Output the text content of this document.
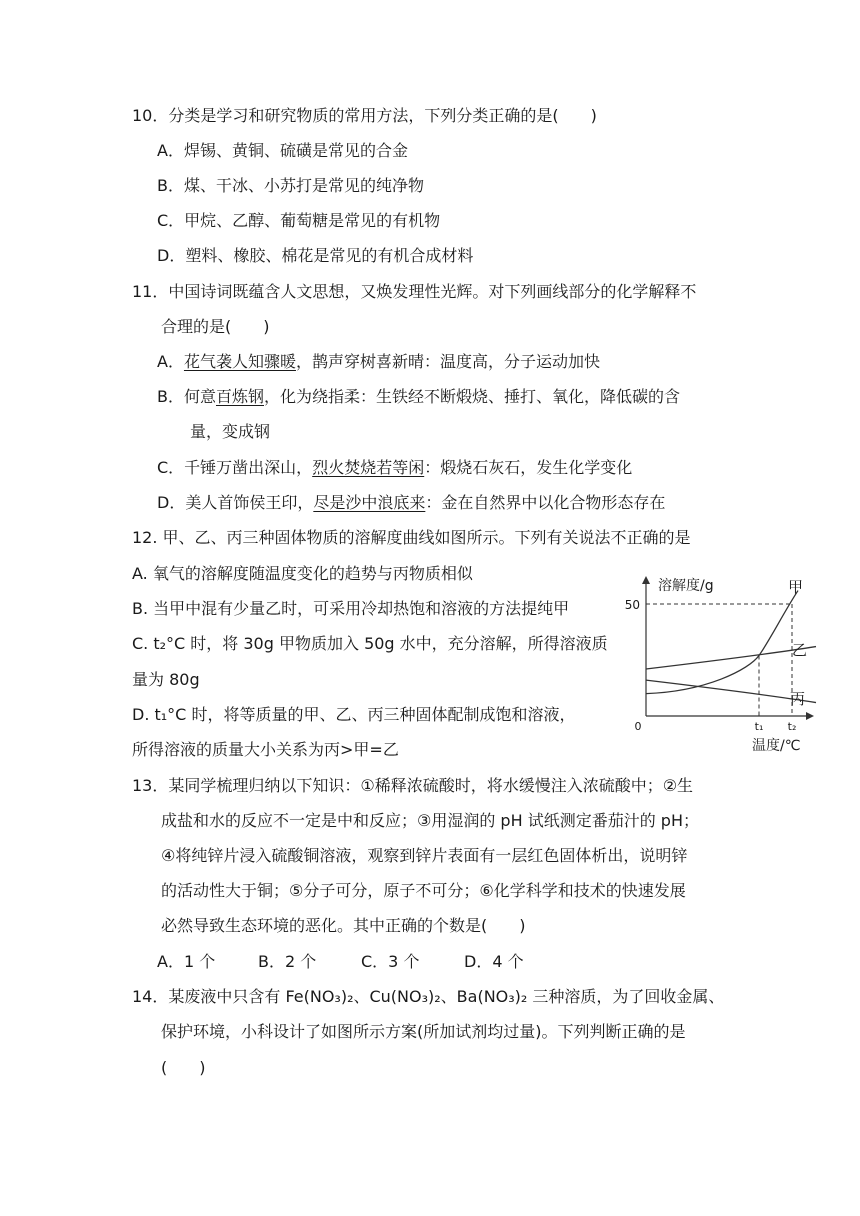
10．分类是学习和研究物质的常用方法，下列分类正确的是(　　)
A．焊锡、黄铜、硫磺是常见的合金
B．煤、干冰、小苏打是常见的纯净物
C．甲烷、乙醇、葡萄糖是常见的有机物
D．塑料、橡胶、棉花是常见的有机合成材料
11．中国诗词既蕴含人文思想，又焕发理性光辉。对下列画线部分的化学解释不
合理的是(　　)
A．花气袭人知骤暖，鹊声穿树喜新晴：温度高，分子运动加快
B．何意百炼钢，化为绕指柔：生铁经不断煅烧、捶打、氧化，降低碳的含
量，变成钢
C．千锤万凿出深山，烈火焚烧若等闲：煅烧石灰石，发生化学变化
D．美人首饰侯王印，尽是沙中浪底来：金在自然界中以化合物形态存在
12. 甲、乙、丙三种固体物质的溶解度曲线如图所示。下列有关说法不正确的是
A. 氧气的溶解度随温度变化的趋势与丙物质相似
B. 当甲中混有少量乙时，可采用冷却热饱和溶液的方法提纯甲
C. t₂°C 时，将 30g 甲物质加入 50g 水中，充分溶解，所得溶液质
量为 80g
D. t₁°C 时，将等质量的甲、乙、丙三种固体配制成饱和溶液，
所得溶液的质量大小关系为丙>甲=乙
溶解度/g
温度/℃
0
50
t₁ t₂
甲
乙
丙
13．某同学梳理归纳以下知识：①稀释浓硫酸时，将水缓慢注入浓硫酸中；②生
成盐和水的反应不一定是中和反应；③用湿润的 pH 试纸测定番茄汁的 pH；
④将纯锌片浸入硫酸铜溶液，观察到锌片表面有一层红色固体析出，说明锌
的活动性大于铜；⑤分子可分，原子不可分；⑥化学科学和技术的快速发展
必然导致生态环境的恶化。其中正确的个数是(　　)
A．1 个	B．2 个	C．3 个	D．4 个
14．某废液中只含有 Fe(NO₃)₂、Cu(NO₃)₂、Ba(NO₃)₂ 三种溶质，为了回收金属、
保护环境，小科设计了如图所示方案(所加试剂均过量)。下列判断正确的是
(　　)
